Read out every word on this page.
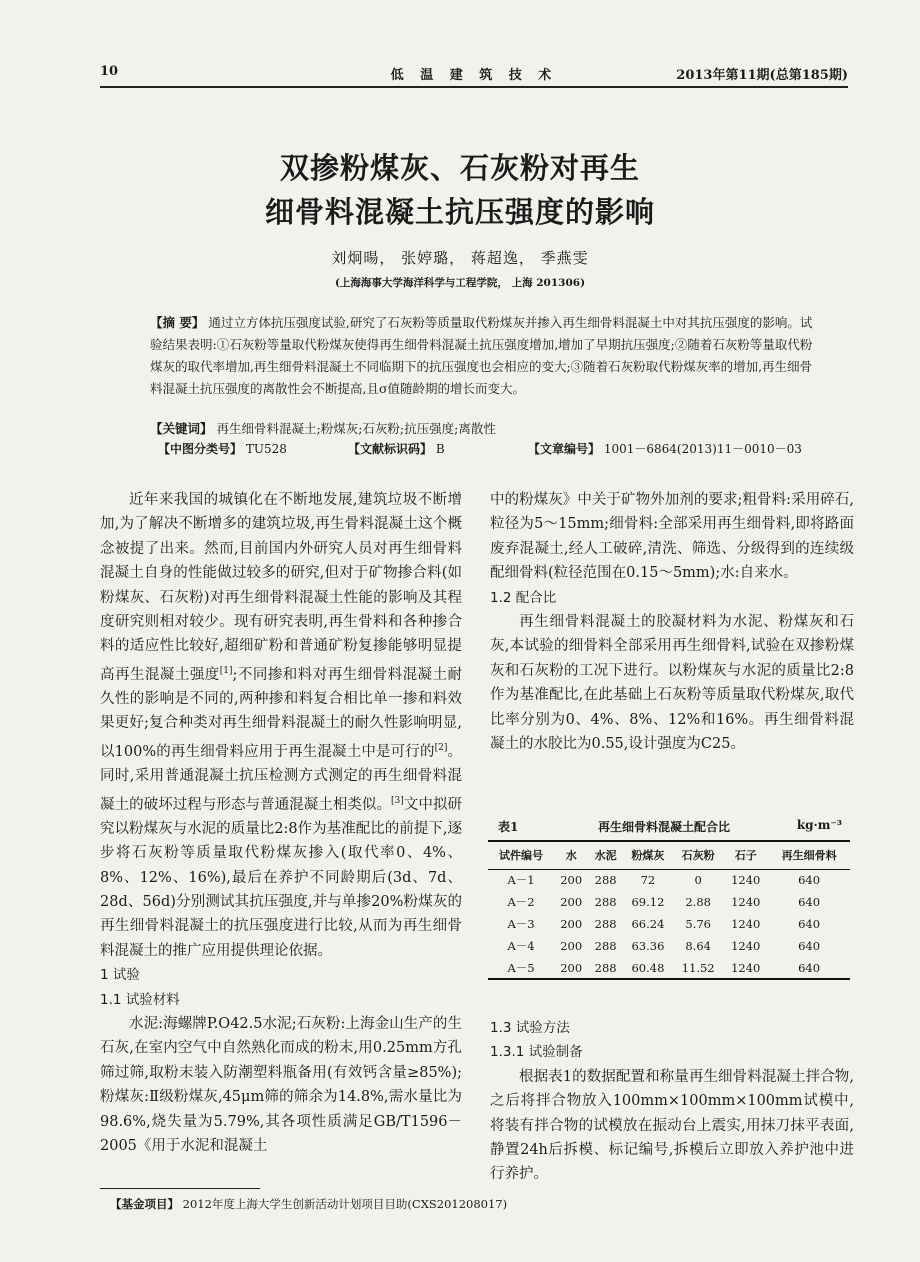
10	低 温 建 筑 技 术	2013年第11期(总第185期)
双掺粉煤灰、石灰粉对再生
细骨料混凝土抗压强度的影响
刘炯暘， 张婷璐， 蒋超逸， 季燕雯
(上海海事大学海洋科学与工程学院， 上海 201306)
【摘 要】 通过立方体抗压强度试验,研究了石灰粉等质量取代粉煤灰并掺入再生细骨料混凝土中对其抗压强度的影响。试验结果表明:①石灰粉等量取代粉煤灰使得再生细骨料混凝土抗压强度增加,增加了早期抗压强度;②随着石灰粉等量取代粉煤灰的取代率增加,再生细骨料混凝土不同临期下的抗压强度也会相应的变大;③随着石灰粉取代粉煤灰率的增加,再生细骨料混凝土抗压强度的离散性会不断提高,且σ值随龄期的增长而变大。
【关键词】 再生细骨料混凝土;粉煤灰;石灰粉;抗压强度;离散性
【中图分类号】 TU528	【文献标识码】 B	【文章编号】 1001－6864(2013)11－0010－03

近年来我国的城镇化在不断地发展,建筑垃圾不断增加,为了解决不断增多的建筑垃圾,再生骨料混凝土这个概念被提了出来。然而,目前国内外研究人员对再生细骨料混凝土自身的性能做过较多的研究,但对于矿物掺合料(如粉煤灰、石灰粉)对再生细骨料混凝土性能的影响及其程度研究则相对较少。现有研究表明,再生骨料和各种掺合料的适应性比较好,超细矿粉和普通矿粉复掺能够明显提高再生混凝土强度[1];不同掺和料对再生细骨料混凝土耐久性的影响是不同的,两种掺和料复合相比单一掺和料效果更好;复合种类对再生细骨料混凝土的耐久性影响明显,以100%的再生细骨料应用于再生混凝土中是可行的[2]。同时,采用普通混凝土抗压检测方式测定的再生细骨料混凝土的破坏过程与形态与普通混凝土相类似。[3]文中拟研究以粉煤灰与水泥的质量比2:8作为基准配比的前提下,逐步将石灰粉等质量取代粉煤灰掺入(取代率0、4%、8%、12%、16%),最后在养护不同龄期后(3d、7d、28d、56d)分别测试其抗压强度,并与单掺20%粉煤灰的再生细骨料混凝土的抗压强度进行比较,从而为再生细骨料混凝土的推广应用提供理论依据。

1 试验

1.1 试验材料

水泥:海螺牌P.O42.5水泥;石灰粉:上海金山生产的生石灰,在室内空气中自然熟化而成的粉末,用0.25mm方孔筛过筛,取粉末装入防潮塑料瓶备用(有效钙含量≥85%);粉煤灰:Ⅱ级粉煤灰,45μm筛的筛余为14.8%,需水量比为98.6%,烧失量为5.79%,其各项性质满足GB/T1596－2005《用于水泥和混凝土

中的粉煤灰》中关于矿物外加剂的要求;粗骨料:采用碎石,粒径为5～15mm;细骨料:全部采用再生细骨料,即将路面废弃混凝土,经人工破碎,清洗、筛选、分级得到的连续级配细骨料(粒径范围在0.15～5mm);水:自来水。

1.2 配合比

再生细骨料混凝土的胶凝材料为水泥、粉煤灰和石灰,本试验的细骨料全部采用再生细骨料,试验在双掺粉煤灰和石灰粉的工况下进行。以粉煤灰与水泥的质量比2:8作为基准配比,在此基础上石灰粉等质量取代粉煤灰,取代比率分别为0、4%、8%、12%和16%。再生细骨料混凝土的水胶比为0.55,设计强度为C25。

表1	再生细骨料混凝土配合比	kg·m⁻³
试件编号	水	水泥	粉煤灰	石灰粉	石子	再生细骨料
A－1	200	288	72	0	1240	640
A－2	200	288	69.12	2.88	1240	640
A－3	200	288	66.24	5.76	1240	640
A－4	200	288	63.36	8.64	1240	640
A－5	200	288	60.48	11.52	1240	640

1.3 试验方法

1.3.1 试验制备

根据表1的数据配置和称量再生细骨料混凝土拌合物,之后将拌合物放入100mm×100mm×100mm试模中,将装有拌合物的试模放在振动台上震实,用抹刀抹平表面,静置24h后拆模、标记编号,拆模后立即放入养护池中进行养护。

【基金项目】 2012年度上海大学生创新活动计划项目目助(CXS201208017)
